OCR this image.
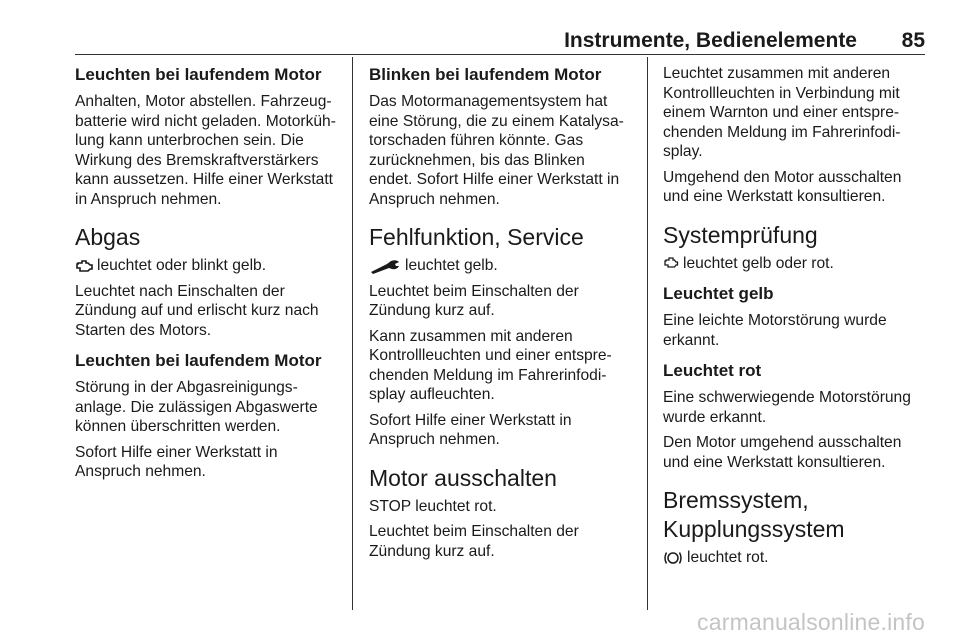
Instrumente, Bedienelemente 85
Leuchten bei laufendem Motor
Anhalten, Motor abstellen. Fahrzeug-
batterie wird nicht geladen. Motorküh-
lung kann unterbrochen sein. Die
Wirkung des Bremskraftverstärkers
kann aussetzen. Hilfe einer Werkstatt
in Anspruch nehmen.
Abgas
leuchtet oder blinkt gelb.
Leuchtet nach Einschalten der
Zündung auf und erlischt kurz nach
Starten des Motors.
Leuchten bei laufendem Motor
Störung in der Abgasreinigungs-
anlage. Die zulässigen Abgaswerte
können überschritten werden.
Sofort Hilfe einer Werkstatt in
Anspruch nehmen.
Blinken bei laufendem Motor
Das Motormanagementsystem hat
eine Störung, die zu einem Katalysa-
torschaden führen könnte. Gas
zurücknehmen, bis das Blinken
endet. Sofort Hilfe einer Werkstatt in
Anspruch nehmen.
Fehlfunktion, Service
leuchtet gelb.
Leuchtet beim Einschalten der
Zündung kurz auf.
Kann zusammen mit anderen
Kontrollleuchten und einer entspre-
chenden Meldung im Fahrerinfodi-
splay aufleuchten.
Sofort Hilfe einer Werkstatt in
Anspruch nehmen.
Motor ausschalten
STOP leuchtet rot.
Leuchtet beim Einschalten der
Zündung kurz auf.
Leuchtet zusammen mit anderen
Kontrollleuchten in Verbindung mit
einem Warnton und einer entspre-
chenden Meldung im Fahrerinfodi-
splay.
Umgehend den Motor ausschalten
und eine Werkstatt konsultieren.
Systemprüfung
leuchtet gelb oder rot.
Leuchtet gelb
Eine leichte Motorstörung wurde
erkannt.
Leuchtet rot
Eine schwerwiegende Motorstörung
wurde erkannt.
Den Motor umgehend ausschalten
und eine Werkstatt konsultieren.
Bremssystem,
Kupplungssystem
leuchtet rot.
carmanualsonline.info
